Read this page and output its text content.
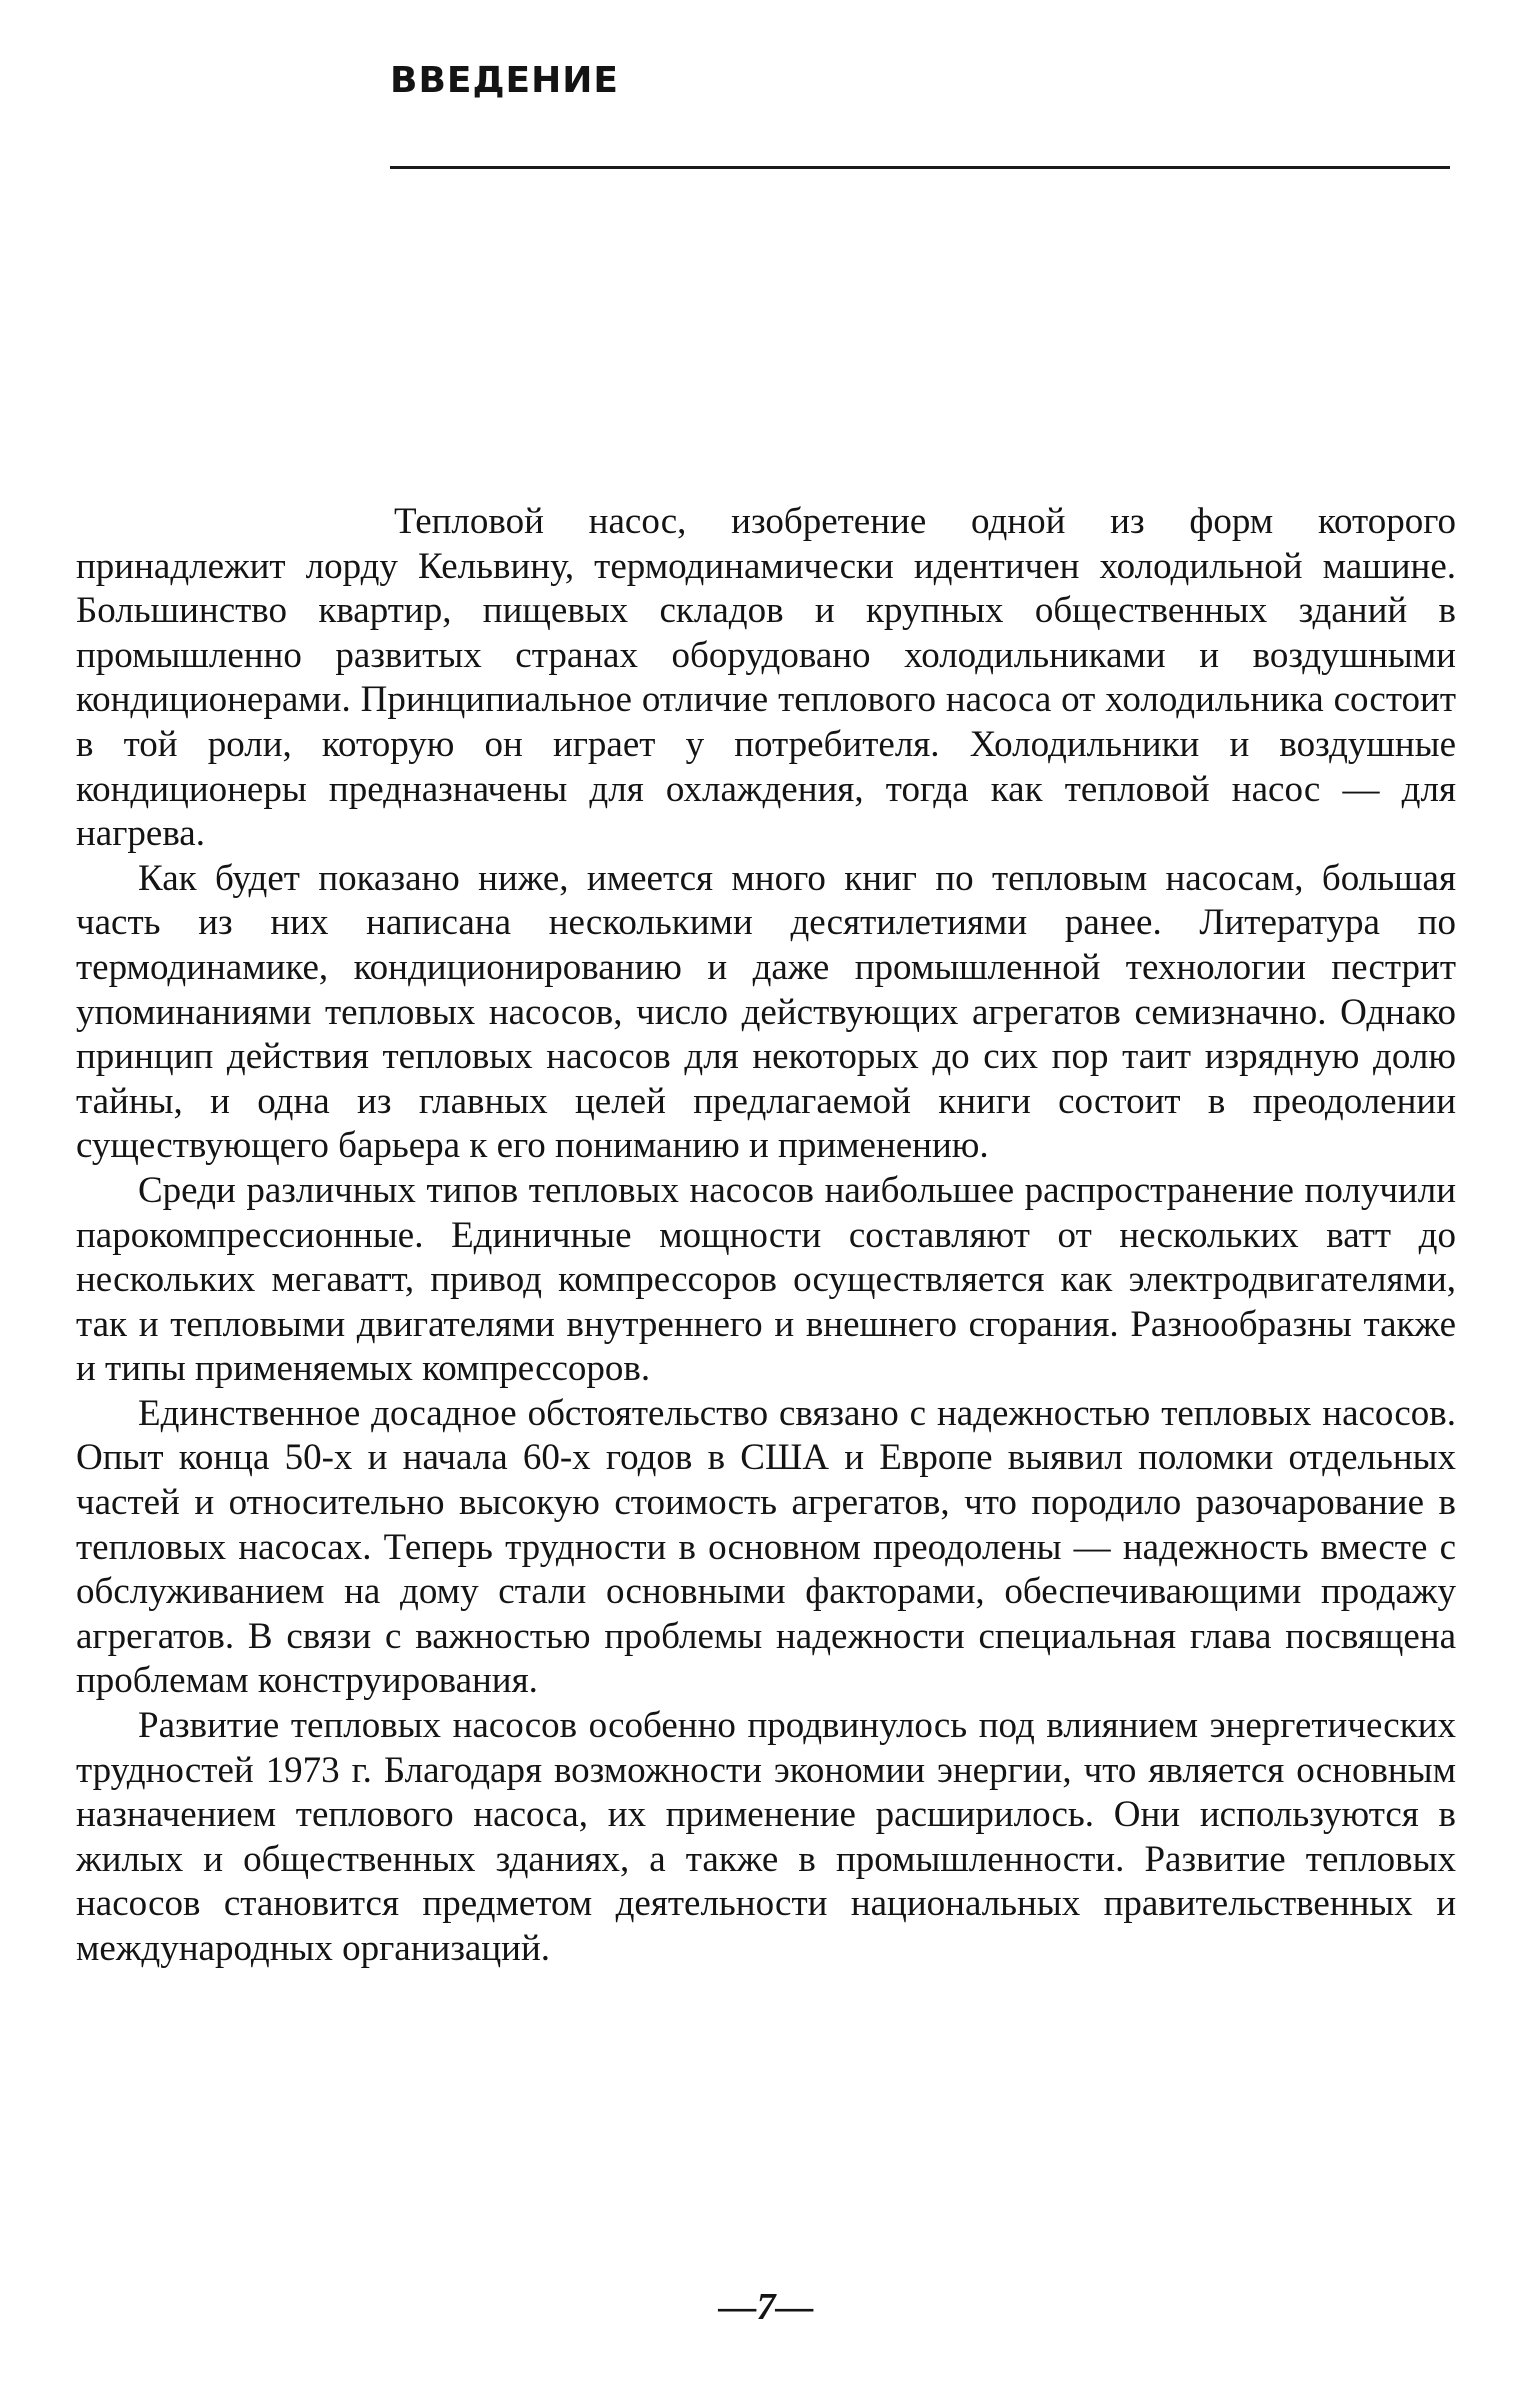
ВВЕДЕНИЕ

Тепловой насос, изобретение одной из форм которого принадлежит лорду Кельвину, термодинамически идентичен холодильной машине. Большинство квартир, пищевых складов и крупных общественных зданий в промышленно развитых странах оборудовано холодильниками и воздушными кондиционерами. Принципиальное отличие теплового насоса от холодильника состоит в той роли, которую он играет у потребителя. Холодильники и воздушные кондиционеры предназначены для охлаждения, тогда как тепловой насос — для нагрева.

Как будет показано ниже, имеется много книг по тепловым насосам, большая часть из них написана несколькими десятилетиями ранее. Литература по термодинамике, кондиционированию и даже промышленной технологии пестрит упоминаниями тепловых насосов, число действующих агрегатов семизначно. Однако принцип действия тепловых насосов для некоторых до сих пор таит изрядную долю тайны, и одна из главных целей предлагаемой книги состоит в преодолении существующего барьера к его пониманию и применению.

Среди различных типов тепловых насосов наибольшее распространение получили парокомпрессионные. Единичные мощности составляют от нескольких ватт до нескольких мегаватт, привод компрессоров осуществляется как электродвигателями, так и тепловыми двигателями внутреннего и внешнего сгорания. Разнообразны также и типы применяемых компрессоров.

Единственное досадное обстоятельство связано с надежностью тепловых насосов. Опыт конца 50-х и начала 60-х годов в США и Европе выявил поломки отдельных частей и относительно высокую стоимость агрегатов, что породило разочарование в тепловых насосах. Теперь трудности в основном преодолены — надежность вместе с обслуживанием на дому стали основными факторами, обеспечивающими продажу агрегатов. В связи с важностью проблемы надежности специальная глава посвящена проблемам конструирования.

Развитие тепловых насосов особенно продвинулось под влиянием энергетических трудностей 1973 г. Благодаря возможности экономии энергии, что является основным назначением теплового насоса, их применение расширилось. Они используются в жилых и общественных зданиях, а также в промышленности. Развитие тепловых насосов становится предметом деятельности национальных правительственных и международных организаций.

—7—
